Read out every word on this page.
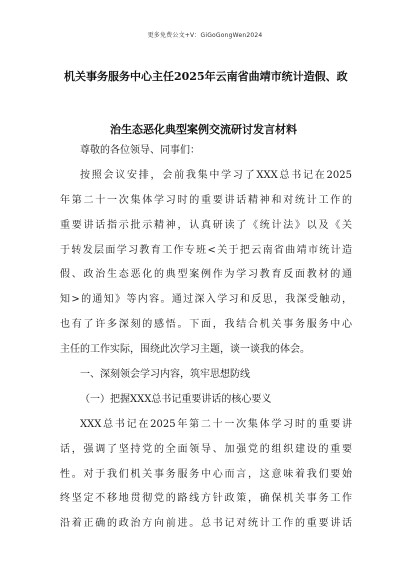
更多免费公文+V：GiGoGongWen2024
机关事务服务中心主任2025年云南省曲靖市统计造假、政
治生态恶化典型案例交流研讨发言材料
尊敬的各位领导、同事们：
按照会议安排，会前我集中学习了XXX总书记在2025
年第二十一次集体学习时的重要讲话精神和对统计工作的
重要讲话指示批示精神，认真研读了《统计法》以及《关
于转发层面学习教育工作专班<关于把云南省曲靖市统计造
假、政治生态恶化的典型案例作为学习教育反面教材的通
知>的通知》等内容。通过深入学习和反思，我深受触动，
也有了许多深刻的感悟。下面，我结合机关事务服务中心
主任的工作实际，围绕此次学习主题，谈一谈我的体会。
一、深刻领会学习内容，筑牢思想防线
（一）把握XXX总书记重要讲话的核心要义
XXX总书记在2025年第二十一次集体学习时的重要讲
话，强调了坚持党的全面领导、加强党的组织建设的重要
性。对于我们机关事务服务中心而言，这意味着我们要始
终坚定不移地贯彻党的路线方针政策，确保机关事务工作
沿着正确的政治方向前进。总书记对统计工作的重要讲话
